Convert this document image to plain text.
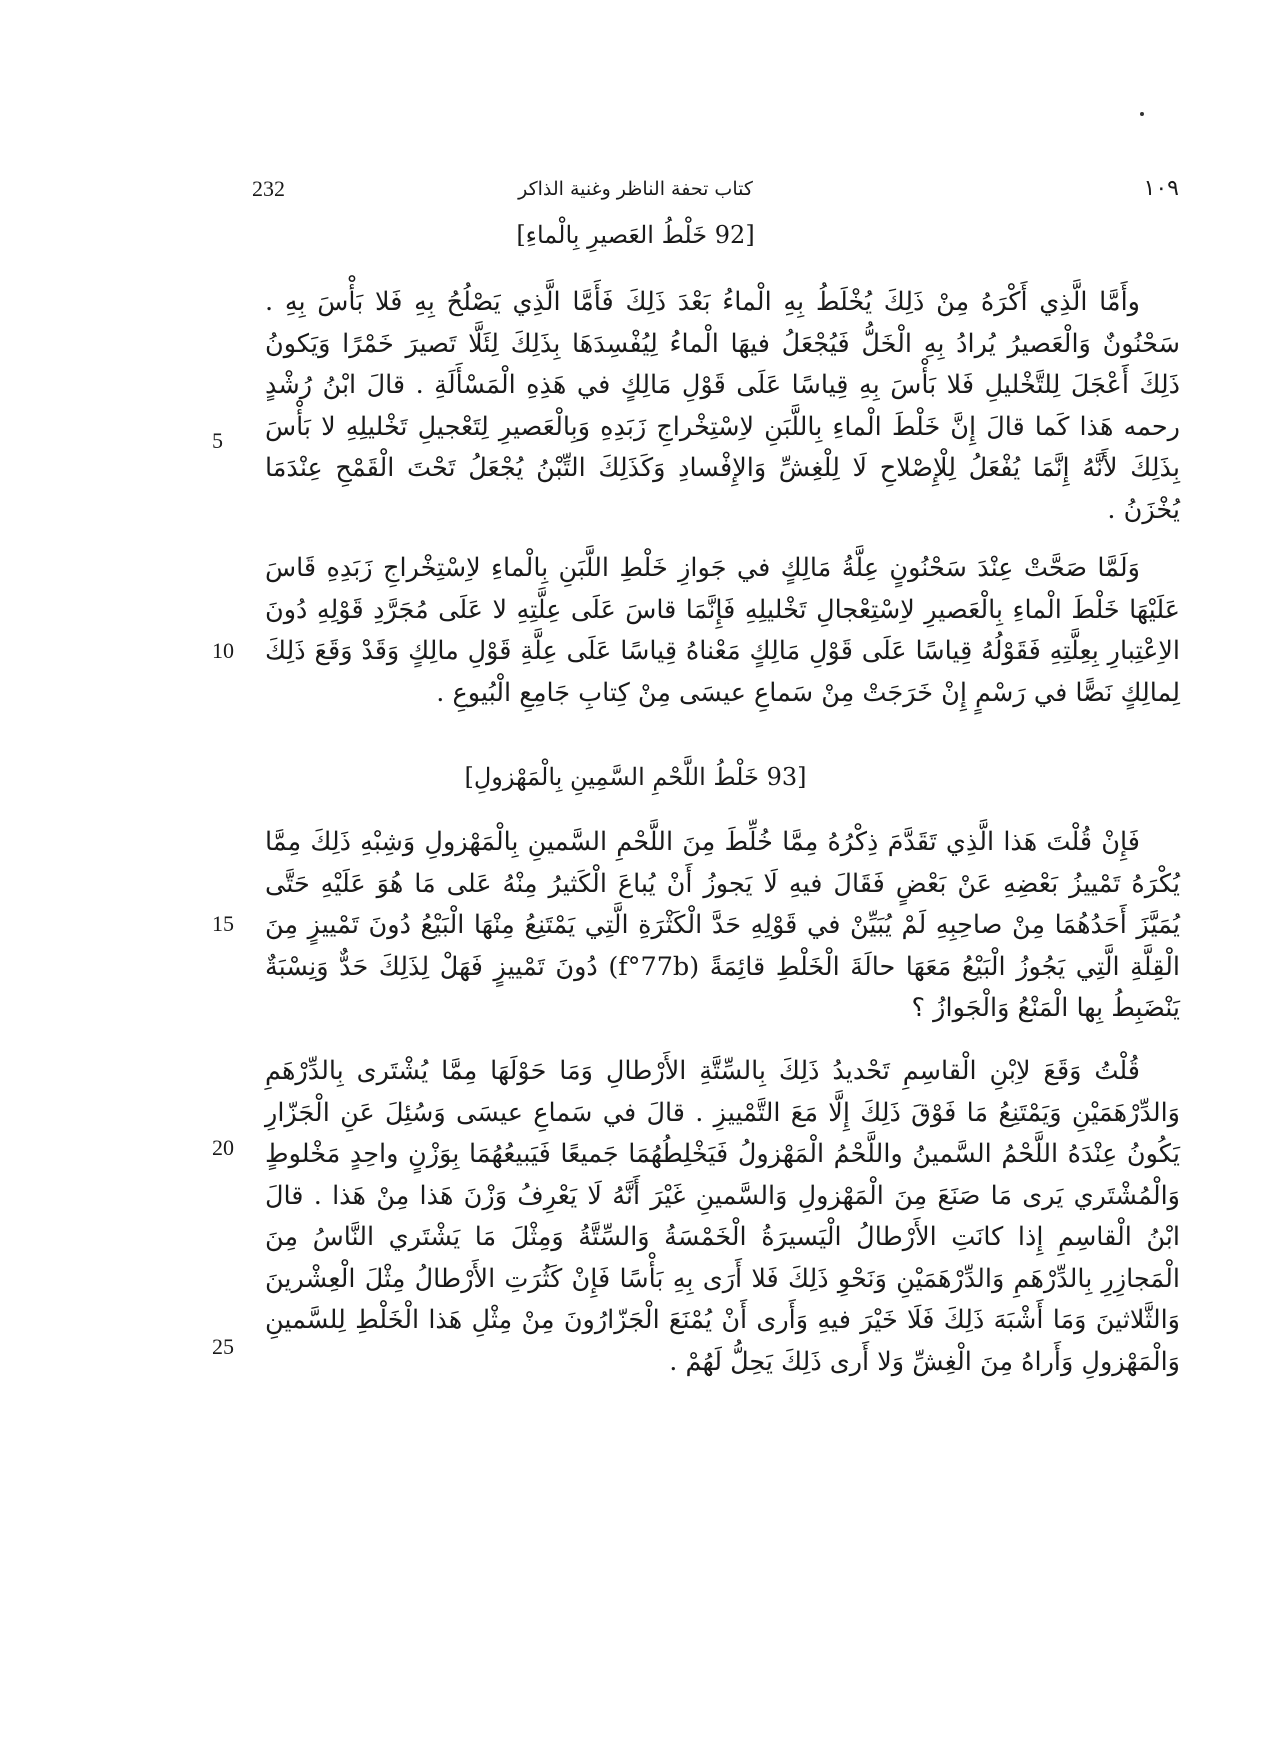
232	كتاب تحفة الناظر وغنية الذاكر	١٠٩
[92 خَلْطُ العَصيرِ بِالْماءِ]

وأَمَّا الَّذِي أَكْرَهُ مِنْ ذَلِكَ يُخْلَطُ بِهِ الْماءُ بَعْدَ ذَلِكَ فَأَمَّا الَّذِي يَصْلُحُ بِهِ فَلا بَأْسَ بِهِ . سَحْنُونٌ وَالْعَصيرُ يُرادُ بِهِ الْخَلُّ فَيُجْعَلُ فيهَا الْماءُ لِيُفْسِدَهَا بِذَلِكَ لِئَلَّا تَصيرَ خَمْرًا وَيَكونُ ذَلِكَ أَعْجَلَ لِلتَّخْليلِ فَلا بَأْسَ بِهِ قِياسًا عَلَى قَوْلِ مَالِكٍ في هَذِهِ الْمَسْأَلَةِ . قالَ ابْنُ رُشْدٍ رحمه هَذا كَما قالَ إِنَّ خَلْطَ الْماءِ بِاللَّبَنِ لاِسْتِخْراجِ زَبَدِهِ وَبِالْعَصيرِ لِتَعْجيلِ تَخْليلِهِ لا بَأْسَ بِذَلِكَ لأَنَّهُ إِنَّمَا يُفْعَلُ لِلْإِصْلاحِ لَا لِلْغِشِّ وَالإِفْسادِ وَكَذَلِكَ التِّبْنُ يُجْعَلُ تَحْتَ الْقَمْحِ عِنْدَمَا يُخْزَنُ .

وَلَمَّا صَحَّتْ عِنْدَ سَحْنُونٍ عِلَّةُ مَالِكٍ في جَوازِ خَلْطِ اللَّبَنِ بِالْماءِ لاِسْتِخْراجِ زَبَدِهِ قَاسَ عَلَيْهَا خَلْطَ الْماءِ بِالْعَصيرِ لاِسْتِعْجالِ تَخْليلِهِ فَإِنَّمَا قاسَ عَلَى عِلَّتِهِ لا عَلَى مُجَرَّدِ قَوْلِهِ دُونَ الاِعْتِبارِ بِعِلَّتِهِ فَقَوْلُهُ قِياسًا عَلَى قَوْلِ مَالِكٍ مَعْناهُ قِياسًا عَلَى عِلَّةِ قَوْلِ مالِكٍ وَقَدْ وَقَعَ ذَلِكَ لِمالِكٍ نَصًّا في رَسْمٍ إِنْ خَرَجَتْ مِنْ سَماعِ عيسَى مِنْ كِتابِ جَامِعِ الْبُيوعِ .

[93 خَلْطُ اللَّحْمِ السَّمِينِ بِالْمَهْزولِ]

فَإِنْ قُلْتَ هَذا الَّذِي تَقَدَّمَ ذِكْرُهُ مِمَّا خُلِّطَ مِنَ اللَّحْمِ السَّمينِ بِالْمَهْزولِ وَشِبْهِ ذَلِكَ مِمَّا يُكْرَهُ تَمْييزُ بَعْضِهِ عَنْ بَعْضٍ فَقَالَ فيهِ لَا يَجوزُ أَنْ يُباعَ الْكَثيرُ مِنْهُ عَلى مَا هُوَ عَلَيْهِ حَتَّى يُمَيَّزَ أَحَدُهُمَا مِنْ صاحِبِهِ لَمْ يُبَيِّنْ في قَوْلِهِ حَدَّ الْكَثْرَةِ الَّتِي يَمْتَنِعُ مِنْهَا الْبَيْعُ دُونَ تَمْييزٍ مِنَ الْقِلَّةِ الَّتِي يَجُوزُ الْبَيْعُ مَعَهَا حالَةَ الْخَلْطِ قائِمَةً (f°77b) دُونَ تَمْييزٍ فَهَلْ لِذَلِكَ حَدٌّ وَنِسْبَةٌ يَنْضَبِطُ بِها الْمَنْعُ وَالْجَوازُ ؟

قُلْتُ وَقَعَ لاِبْنِ الْقاسِمِ تَحْديدُ ذَلِكَ بِالسِّتَّةِ الأَرْطالِ وَمَا حَوْلَهَا مِمَّا يُشْتَرى بِالدِّرْهَمِ وَالدِّرْهَمَيْنِ وَيَمْتَنِعُ مَا فَوْقَ ذَلِكَ إِلَّا مَعَ التَّمْييزِ . قالَ في سَماعِ عيسَى وَسُئِلَ عَنِ الْجَزّارِ يَكُونُ عِنْدَهُ اللَّحْمُ السَّمينُ واللَّحْمُ الْمَهْزولُ فَيَخْلِطُهُمَا جَميعًا فَيَبيعُهُمَا بِوَزْنٍ واحِدٍ مَخْلوطٍ وَالْمُشْتَري يَرى مَا صَنَعَ مِنَ الْمَهْزولِ وَالسَّمينِ غَيْرَ أَنَّهُ لَا يَعْرِفُ وَزْنَ هَذا مِنْ هَذا . قالَ ابْنُ الْقاسِمِ إِذا كانَتِ الأَرْطالُ الْيَسيرَةُ الْخَمْسَةُ وَالسِّتَّةُ وَمِثْلَ مَا يَشْتَري النَّاسُ مِنَ الْمَجازِرِ بِالدِّرْهَمِ وَالدِّرْهَمَيْنِ وَنَحْوِ ذَلِكَ فَلا أَرَى بِهِ بَأْسًا فَإِنْ كَثُرَتِ الأَرْطالُ مِثْلَ الْعِشْرينَ وَالثَّلاثينَ وَمَا أَشْبَهَ ذَلِكَ فَلَا خَيْرَ فيهِ وَأَرى أَنْ يُمْنَعَ الْجَزّارُونَ مِنْ مِثْلِ هَذا الْخَلْطِ لِلسَّمينِ وَالْمَهْزولِ وَأَراهُ مِنَ الْغِشِّ وَلا أَرى ذَلِكَ يَحِلُّ لَهُمْ .

5
10
15
20
25
